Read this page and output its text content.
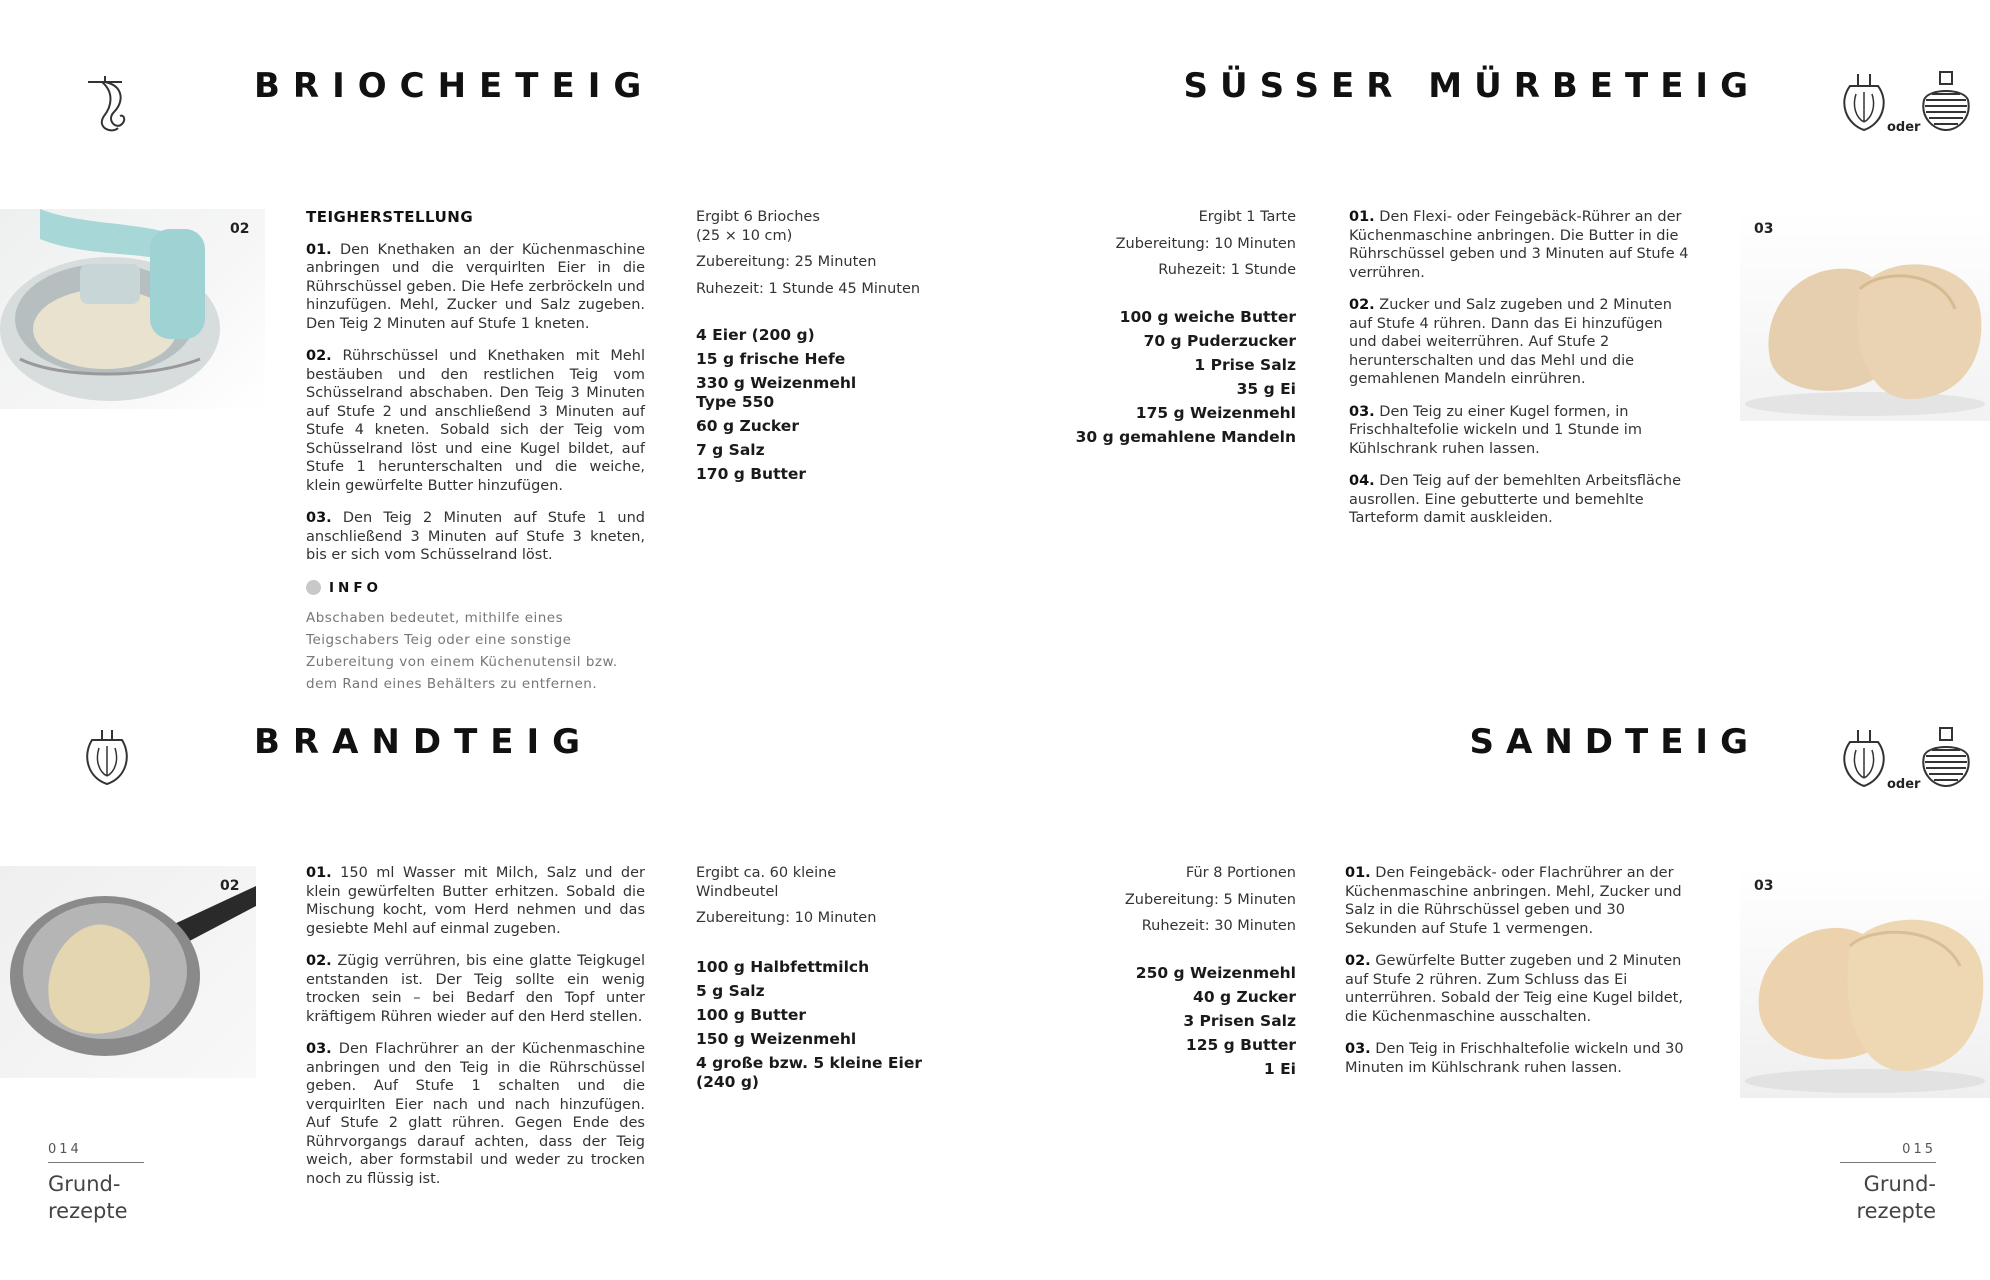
BRIOCHETEIG
02
TEIGHERSTELLUNG

01. Den Knethaken an der Küchenmaschine anbringen und die verquirlten Eier in die Rührschüssel geben. Die Hefe zerbröckeln und hinzufügen. Mehl, Zucker und Salz zugeben. Den Teig 2 Minuten auf Stufe 1 kneten.

02. Rührschüssel und Knethaken mit Mehl bestäuben und den restlichen Teig vom Schüsselrand abschaben. Den Teig 3 Minuten auf Stufe 2 und anschließend 3 Minuten auf Stufe 4 kneten. Sobald sich der Teig vom Schüsselrand löst und eine Kugel bildet, auf Stufe 1 herunterschalten und die weiche, klein gewürfelte Butter hinzufügen.

03. Den Teig 2 Minuten auf Stufe 1 und anschließend 3 Minuten auf Stufe 3 kneten, bis er sich vom Schüsselrand löst.

INFO
Abschaben bedeutet, mithilfe eines Teigschabers Teig oder eine sonstige Zubereitung von einem Küchenutensil bzw. dem Rand eines Behälters zu entfernen.
Ergibt 6 Brioches
(25 × 10 cm)
Zubereitung: 25 Minuten
Ruhezeit: 1 Stunde 45 Minuten
4 Eier (200 g)
15 g frische Hefe
330 g Weizenmehl Type 550
60 g Zucker
7 g Salz
170 g Butter
SÜSSER MÜRBETEIG
oder
Ergibt 1 Tarte
Zubereitung: 10 Minuten
Ruhezeit: 1 Stunde
100 g weiche Butter
70 g Puderzucker
1 Prise Salz
35 g Ei
175 g Weizenmehl
30 g gemahlene Mandeln

01. Den Flexi- oder Feingebäck-Rührer an der Küchenmaschine anbringen. Die Butter in die Rührschüssel geben und 3 Minuten auf Stufe 4 verrühren.

02. Zucker und Salz zugeben und 2 Minuten auf Stufe 4 rühren. Dann das Ei hinzufügen und dabei weiterrühren. Auf Stufe 2 herunterschalten und das Mehl und die gemahlenen Mandeln einrühren.

03. Den Teig zu einer Kugel formen, in Frischhaltefolie wickeln und 1 Stunde im Kühlschrank ruhen lassen.

04. Den Teig auf der bemehlten Arbeitsfläche ausrollen. Eine gebutterte und bemehlte Tarteform damit auskleiden.

03
BRANDTEIG
02

01. 150 ml Wasser mit Milch, Salz und der klein gewürfelten Butter erhitzen. Sobald die Mischung kocht, vom Herd nehmen und das gesiebte Mehl auf einmal zugeben.

02. Zügig verrühren, bis eine glatte Teigkugel entstanden ist. Der Teig sollte ein wenig trocken sein – bei Bedarf den Topf unter kräftigem Rühren wieder auf den Herd stellen.

03. Den Flachrührer an der Küchenmaschine anbringen und den Teig in die Rührschüssel geben. Auf Stufe 1 schalten und die verquirlten Eier nach und nach hinzufügen. Auf Stufe 2 glatt rühren. Gegen Ende des Rührvorgangs darauf achten, dass der Teig weich, aber formstabil und weder zu trocken noch zu flüssig ist.

Ergibt ca. 60 kleine Windbeutel
Zubereitung: 10 Minuten
100 g Halbfettmilch
5 g Salz
100 g Butter
150 g Weizenmehl
4 große bzw. 5 kleine Eier (240 g)
SANDTEIG
oder
Für 8 Portionen
Zubereitung: 5 Minuten
Ruhezeit: 30 Minuten
250 g Weizenmehl
40 g Zucker
3 Prisen Salz
125 g Butter
1 Ei

01. Den Feingebäck- oder Flachrührer an der Küchenmaschine anbringen. Mehl, Zucker und Salz in die Rührschüssel geben und 30 Sekunden auf Stufe 1 vermengen.

02. Gewürfelte Butter zugeben und 2 Minuten auf Stufe 2 rühren. Zum Schluss das Ei unterrühren. Sobald der Teig eine Kugel bildet, die Küchenmaschine ausschalten.

03. Den Teig in Frischhaltefolie wickeln und 30 Minuten im Kühlschrank ruhen lassen.

03
014
Grund-
rezepte
015
Grund-
rezepte
